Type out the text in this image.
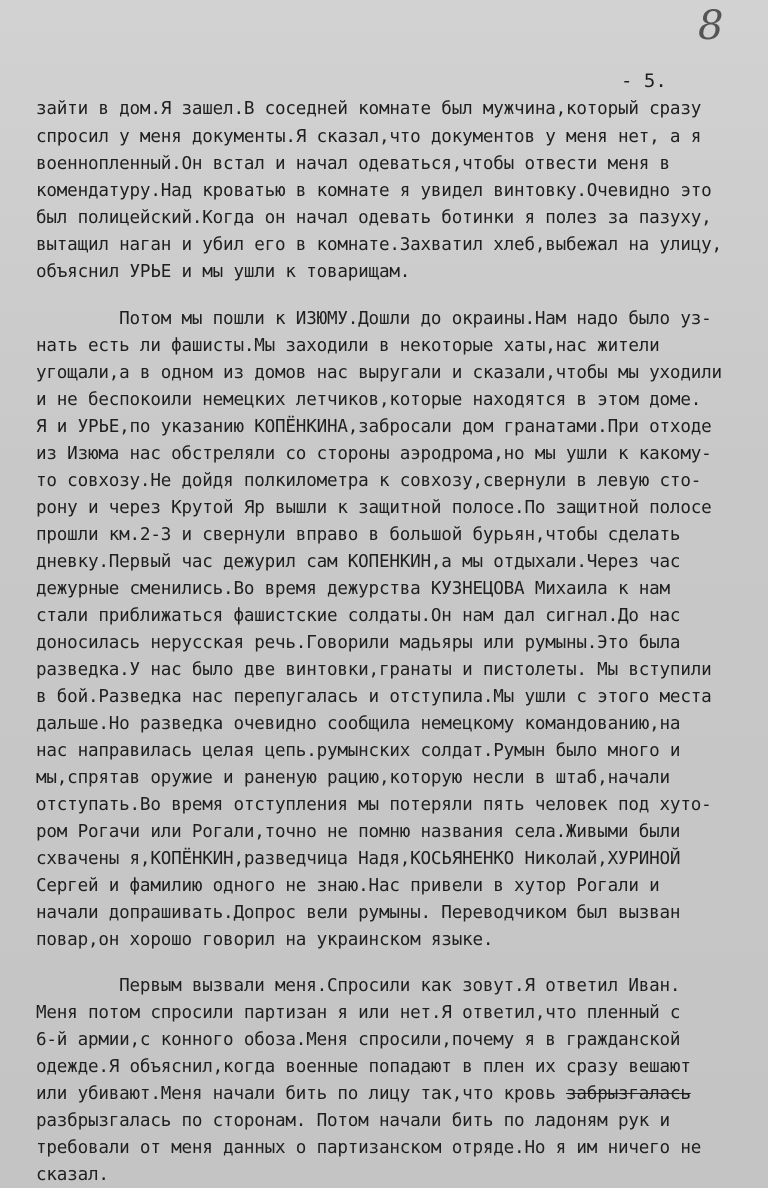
8
- 5.
зайти в дом.Я зашел.В соседней комнате был мужчина,который сразу
спросил у меня документы.Я сказал,что документов у меня нет, а я
военнопленный.Он встал и начал одеваться,чтобы отвести меня в
комендатуру.Над кроватью в комнате я увидел винтовку.Очевидно это
был полицейский.Когда он начал одевать ботинки я полез за пазуху,
вытащил наган и убил его в комнате.Захватил хлеб,выбежал на улицу,
объяснил УРЬЕ и мы ушли к товарищам.
Потом мы пошли к ИЗЮМУ.Дошли до окраины.Нам надо было уз-
нать есть ли фашисты.Мы заходили в некоторые хаты,нас жители
угощали,а в одном из домов нас выругали и сказали,чтобы мы уходили
и не беспокоили немецких летчиков,которые находятся в этом доме.
Я и УРЬЕ,по указанию КОПЁНКИНА,забросали дом гранатами.При отходе
из Изюма нас обстреляли со стороны аэродрома,но мы ушли к какому-
то совхозу.Не дойдя полкилометра к совхозу,свернули в левую сто-
рону и через Крутой Яр вышли к защитной полосе.По защитной полосе
прошли км.2-3 и свернули вправо в большой бурьян,чтобы сделать
дневку.Первый час дежурил сам КОПЕНКИН,а мы отдыхали.Через час
дежурные сменились.Во время дежурства КУЗНЕЦОВА Михаила к нам
стали приближаться фашистские солдаты.Он нам дал сигнал.До нас
доносилась нерусская речь.Говорили мадьяры или румыны.Это была
разведка.У нас было две винтовки,гранаты и пистолеты. Мы вступили
в бой.Разведка нас перепугалась и отступила.Мы ушли с этого места
дальше.Но разведка очевидно сообщила немецкому командованию,на
нас направилась целая цепь.румынских солдат.Румын было много и
мы,спрятав оружие и раненую рацию,которую несли в штаб,начали
отступать.Во время отступления мы потеряли пять человек под хуто-
ром Рогачи или Рогали,точно не помню названия села.Живыми были
схвачены я,КОПЁНКИН,разведчица Надя,КОСЬЯНЕНКО Николай,ХУРИНОЙ
Сергей и фамилию одного не знаю.Нас привели в хутор Рогали и
начали допрашивать.Допрос вели румыны. Переводчиком был вызван
повар,он хорошо говорил на украинском языке.
Первым вызвали меня.Спросили как зовут.Я ответил Иван.
Меня потом спросили партизан я или нет.Я ответил,что пленный с
6-й армии,с конного обоза.Меня спросили,почему я в гражданской
одежде.Я объяснил,когда военные попадают в плен их сразу вешают
или убивают.Меня начали бить по лицу так,что кровь забрызгалась
разбрызгалась по сторонам. Потом начали бить по ладоням рук и
требовали от меня данных о партизанском отряде.Но я им ничего не
сказал.
